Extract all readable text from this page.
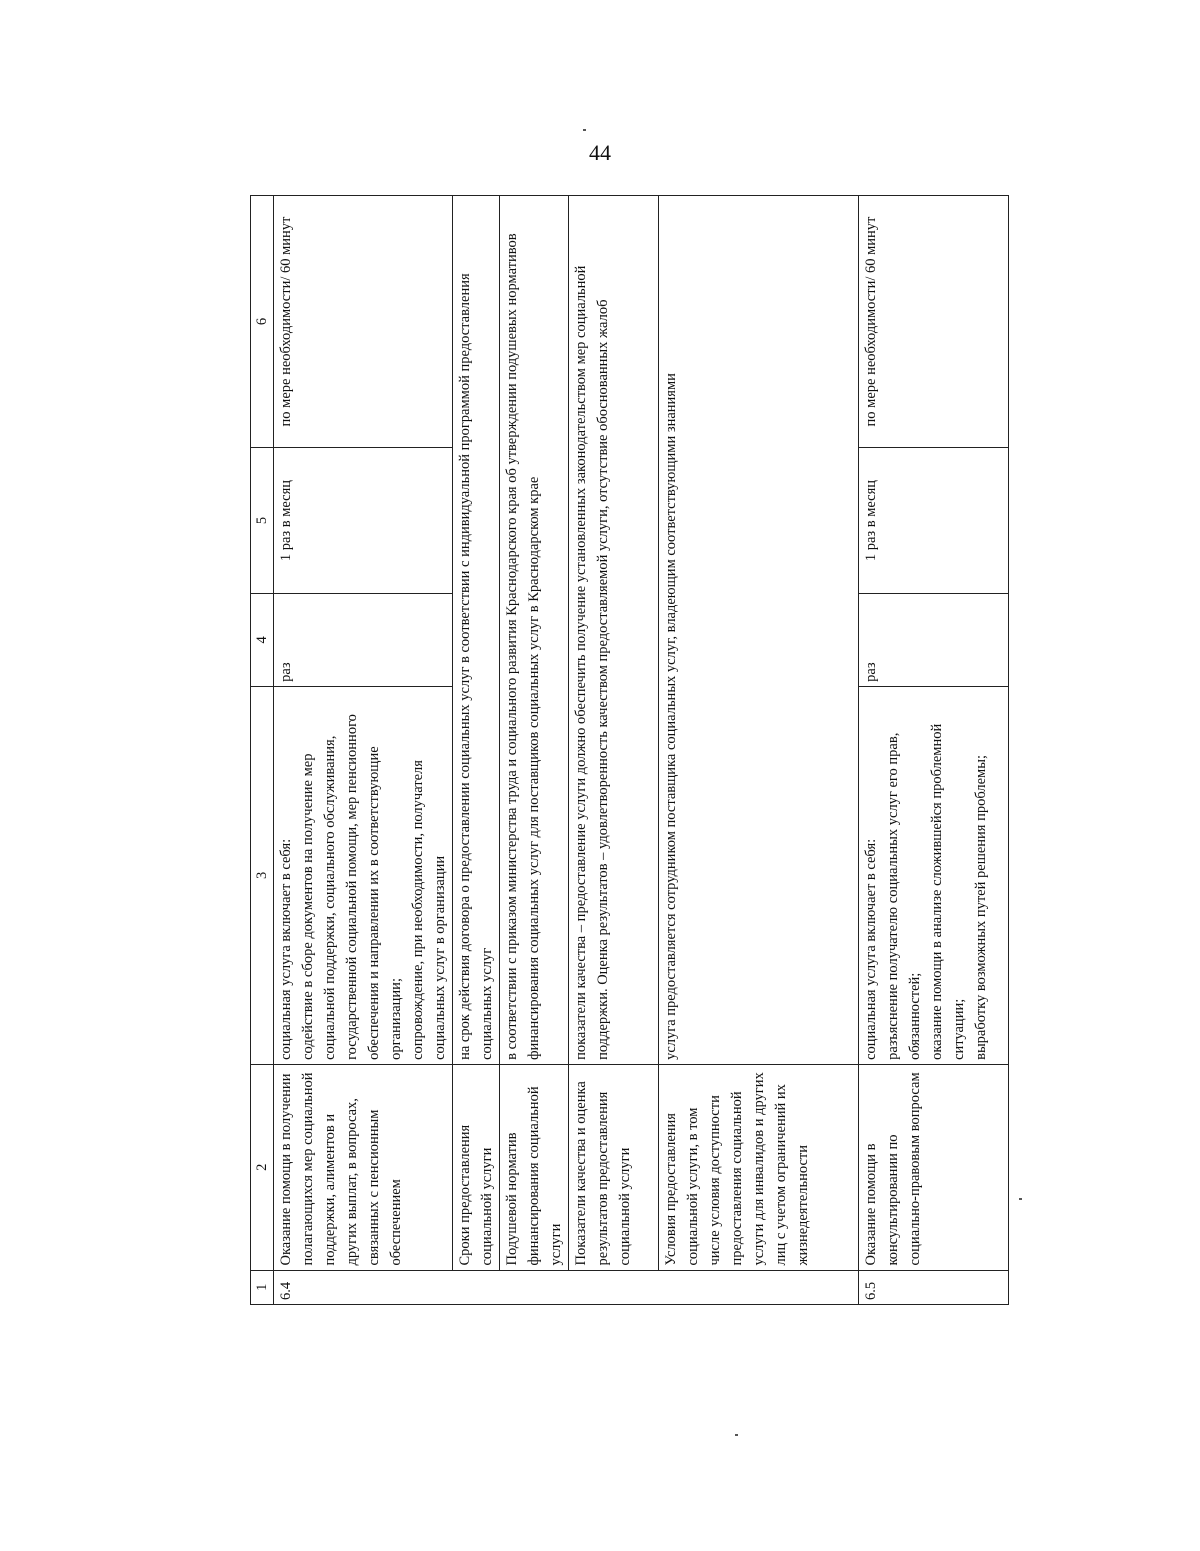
44
1	2	3	4	5	6
6.4	Оказание помощи в получении полагающихся мер социальной поддержки, алиментов и других выплат, в вопросах, связанных с пенсионным обеспечением	социальная услуга включает в себя: содействие в сборе документов на получение мер социальной поддержки, социального обслуживания, государственной социальной помощи, мер пенсионного обеспечения и направлении их в соответствующие организации; сопровождение, при необходимости, получателя социальных услуг в организации	раз	1 раз в месяц	по мере необходимости/ 60 минут
	Сроки предоставления социальной услуги	на срок действия договора о предоставлении социальных услуг в соответствии с индивидуальной программой предоставления социальных услуг			
	Подушевой норматив финансирования социальной услуги	в соответствии с приказом министерства труда и социального развития Краснодарского края об утверждении подушевых нормативов финансирования социальных услуг для поставщиков социальных услуг в Краснодарском крае			
	Показатели качества и оценка результатов предоставления социальной услуги	показатели качества – предоставление услуги должно обеспечить получение установленных законодательством мер социальной поддержки. Оценка результатов – удовлетворенность качеством предоставляемой услуги, отсутствие обоснованных жалоб			
	Условия предоставления социальной услуги, в том числе условия доступности предоставления социальной услуги для инвалидов и других лиц с учетом ограничений их жизнедеятельности	услуга предоставляется сотрудником поставщика социальных услуг, владеющим соответствующими знаниями			
6.5	Оказание помощи в консультировании по социально-правовым вопросам	социальная услуга включает в себя: разъяснение получателю социальных услуг его прав, обязанностей; оказание помощи в анализе сложившейся проблемной ситуации; выработку возможных путей решения проблемы;	раз	1 раз в месяц	по мере необходимости/ 60 минут
